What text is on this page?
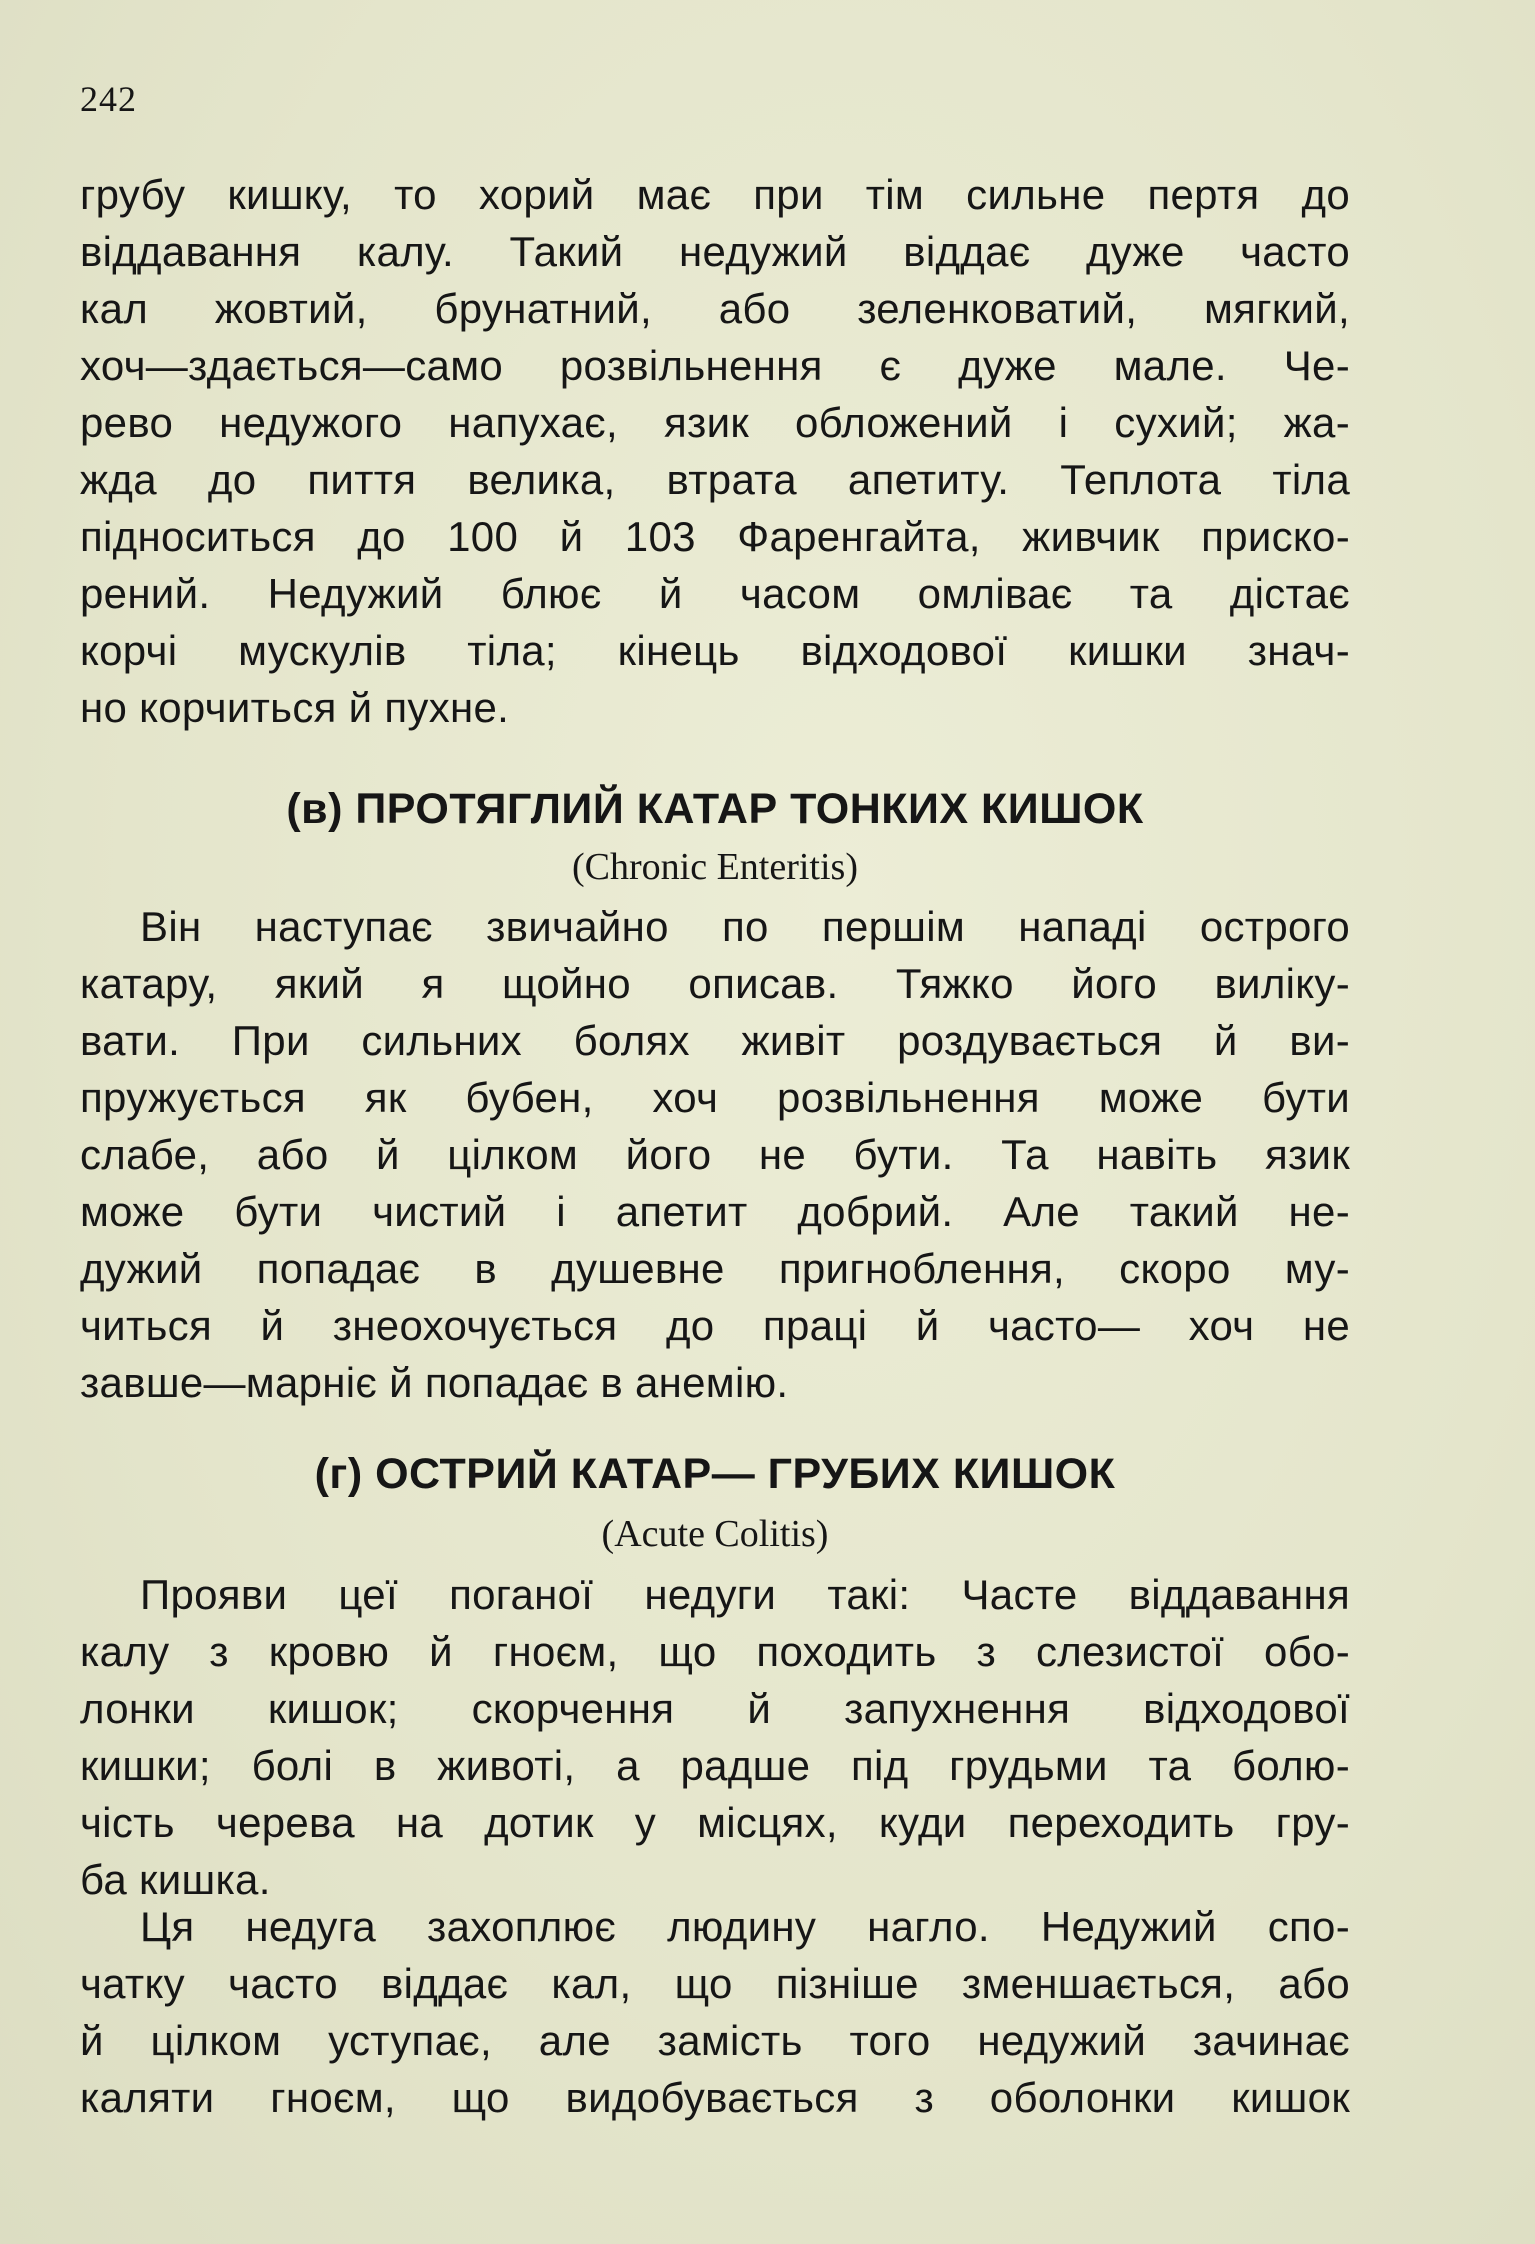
242
грубу кишку, то хорий має при тім сильне пертя до
віддавання калу. Такий недужий віддає дуже часто
кал жовтий, брунатний, або зеленковатий, мягкий,
хоч—здається—само розвільнення є дуже мале. Че-
рево недужого напухає, язик обложений і сухий; жа-
жда до пиття велика, втрата апетиту. Теплота тіла
підноситься до 100 й 103 Фаренгайта, живчик приско-
рений. Недужий блює й часом омліває та дістає
корчі мускулів тіла; кінець відходової кишки знач-
но корчиться й пухне.
(в) ПРОТЯГЛИЙ КАТАР ТОНКИХ КИШОК
(Chronic Enteritis)
Він наступає звичайно по першім нападі острого
катару, який я щойно описав. Тяжко його виліку-
вати. При сильних болях живіт роздувається й ви-
пружується як бубен, хоч розвільнення може бути
слабе, або й цілком його не бути. Та навіть язик
може бути чистий і апетит добрий. Але такий не-
дужий попадає в душевне пригноблення, скоро му-
читься й знеохочується до праці й часто— хоч не
завше—марніє й попадає в анемію.
(г) ОСТРИЙ КАТАР— ГРУБИХ КИШОК
(Acute Colitis)
Прояви цеї поганої недуги такі: Часте віддавання
калу з кровю й гноєм, що походить з слезистої обо-
лонки кишок; скорчення й запухнення відходової
кишки; болі в животі, а радше під грудьми та болю-
чість черева на дотик у місцях, куди переходить гру-
ба кишка.
Ця недуга захоплює людину нагло. Недужий спо-
чатку часто віддає кал, що пізніше зменшається, або
й цілком уступає, але замість того недужий зачинає
каляти гноєм, що видобувається з оболонки кишок
